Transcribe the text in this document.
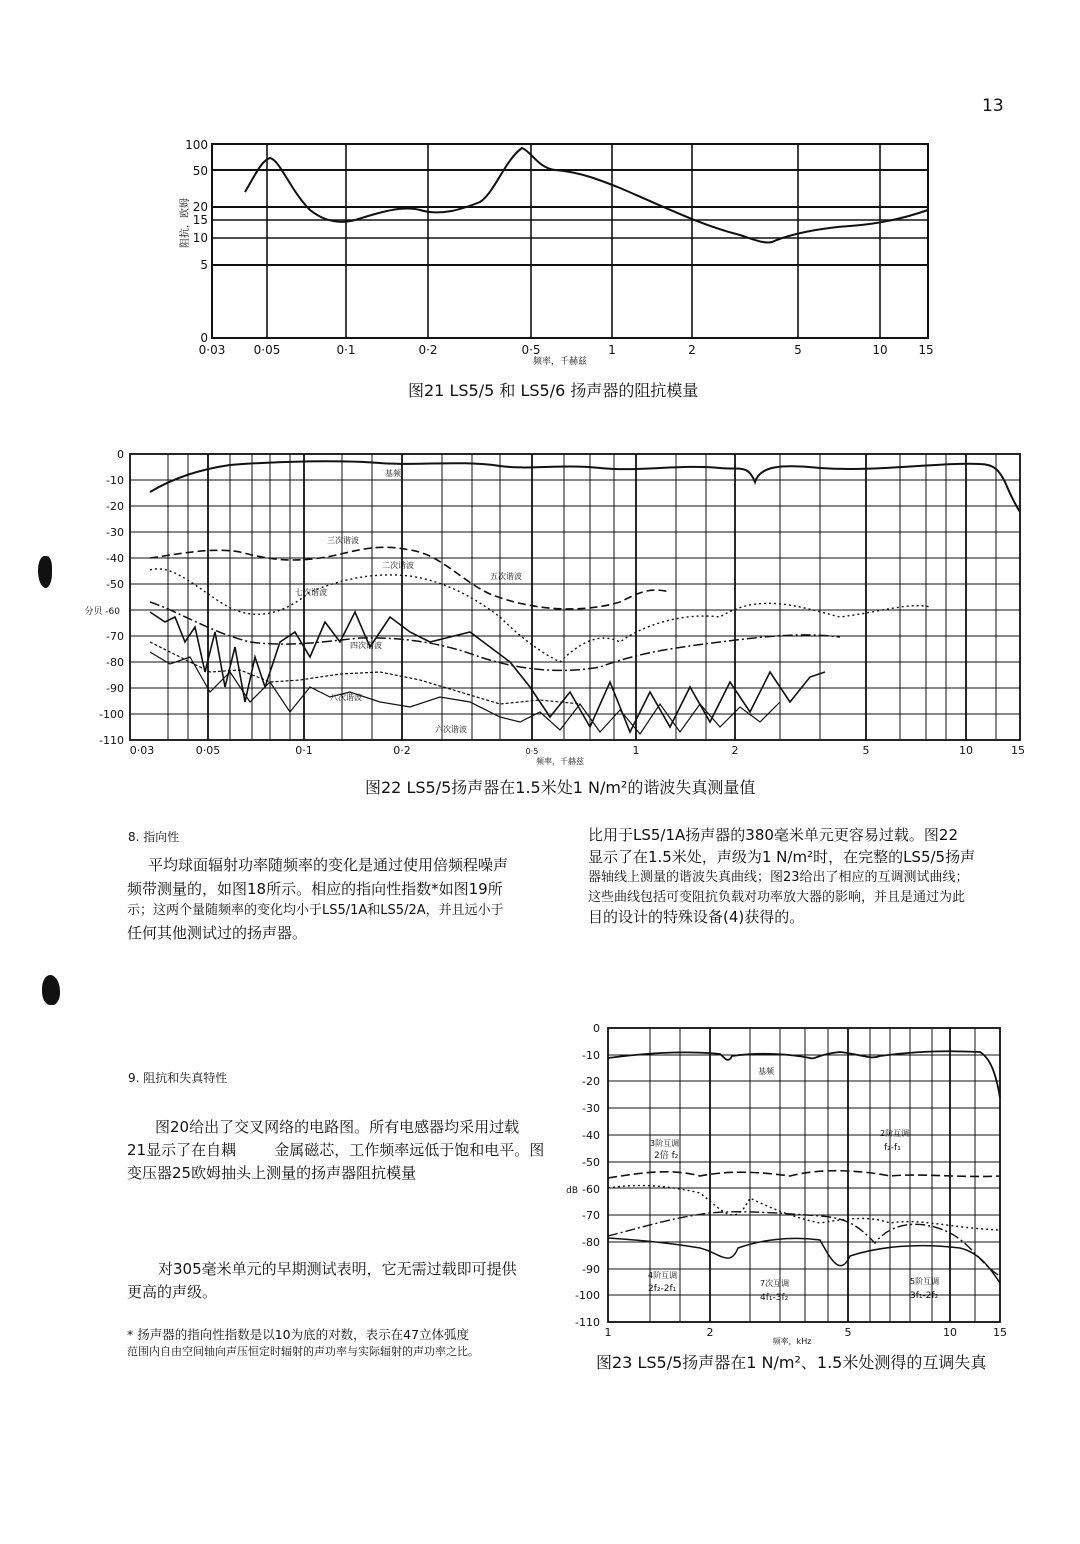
13
100
50
20
15
10
5
0
0·03 0·05	0·1	0·2	0·5	1	2	5	10	15
频率，千赫兹
阻抗，欧姆
图21 LS5/5 和 LS5/6 扬声器的阻抗模量
0
-10
-20
-30
-40
-50
分贝 -60
-70
-80
-90
-100
-110
0·03	0·05	0·1	0·2	0·5	1	2	5	10	15
频率，千赫兹
基频
三次谐波
二次谐波
五次谐波
七次谐波
四次谐波
八次谐波
六次谐波
图22 LS5/5扬声器在1.5米处1 N/m²的谐波失真测量值
8. 指向性
平均球面辐射功率随频率的变化是通过使用倍频程噪声
频带测量的，如图18所示。相应的指向性指数*如图19所
示；这两个量随频率的变化均小于LS5/1A和LS5/2A，并且远小于
任何其他测试过的扬声器。
比用于LS5/1A扬声器的380毫米单元更容易过载。图22
显示了在1.5米处，声级为1 N/m²时，在完整的LS5/5扬声
器轴线上测量的谐波失真曲线；图23给出了相应的互调测试曲线；
这些曲线包括可变阻抗负载对功率放大器的影响，并且是通过为此
目的设计的特殊设备(4)获得的。
9. 阻抗和失真特性
图20给出了交叉网络的电路图。所有电感器均采用过载
21显示了在自耦        金属磁芯，工作频率远低于饱和电平。图
变压器25欧姆抽头上测量的扬声器阻抗模量
对305毫米单元的早期测试表明，它无需过载即可提供
更高的声级。
* 扬声器的指向性指数是以10为底的对数，表示在47立体弧度
范围内自由空间轴向声压恒定时辐射的声功率与实际辐射的声功率之比。
0
-10
-20
-30
-40
-50
dB -60
-70
-80
-90
-100
-110
1	2	5	10	15
频率，kHz
基频
3阶互调
2倍 f₂
2阶互调
f₂-f₁
4阶互调
2f₂-2f₁
7次互调
4f₁-3f₂
5阶互调
3f₁-2f₂
图23 LS5/5扬声器在1 N/m²、1.5米处测得的互调失真
